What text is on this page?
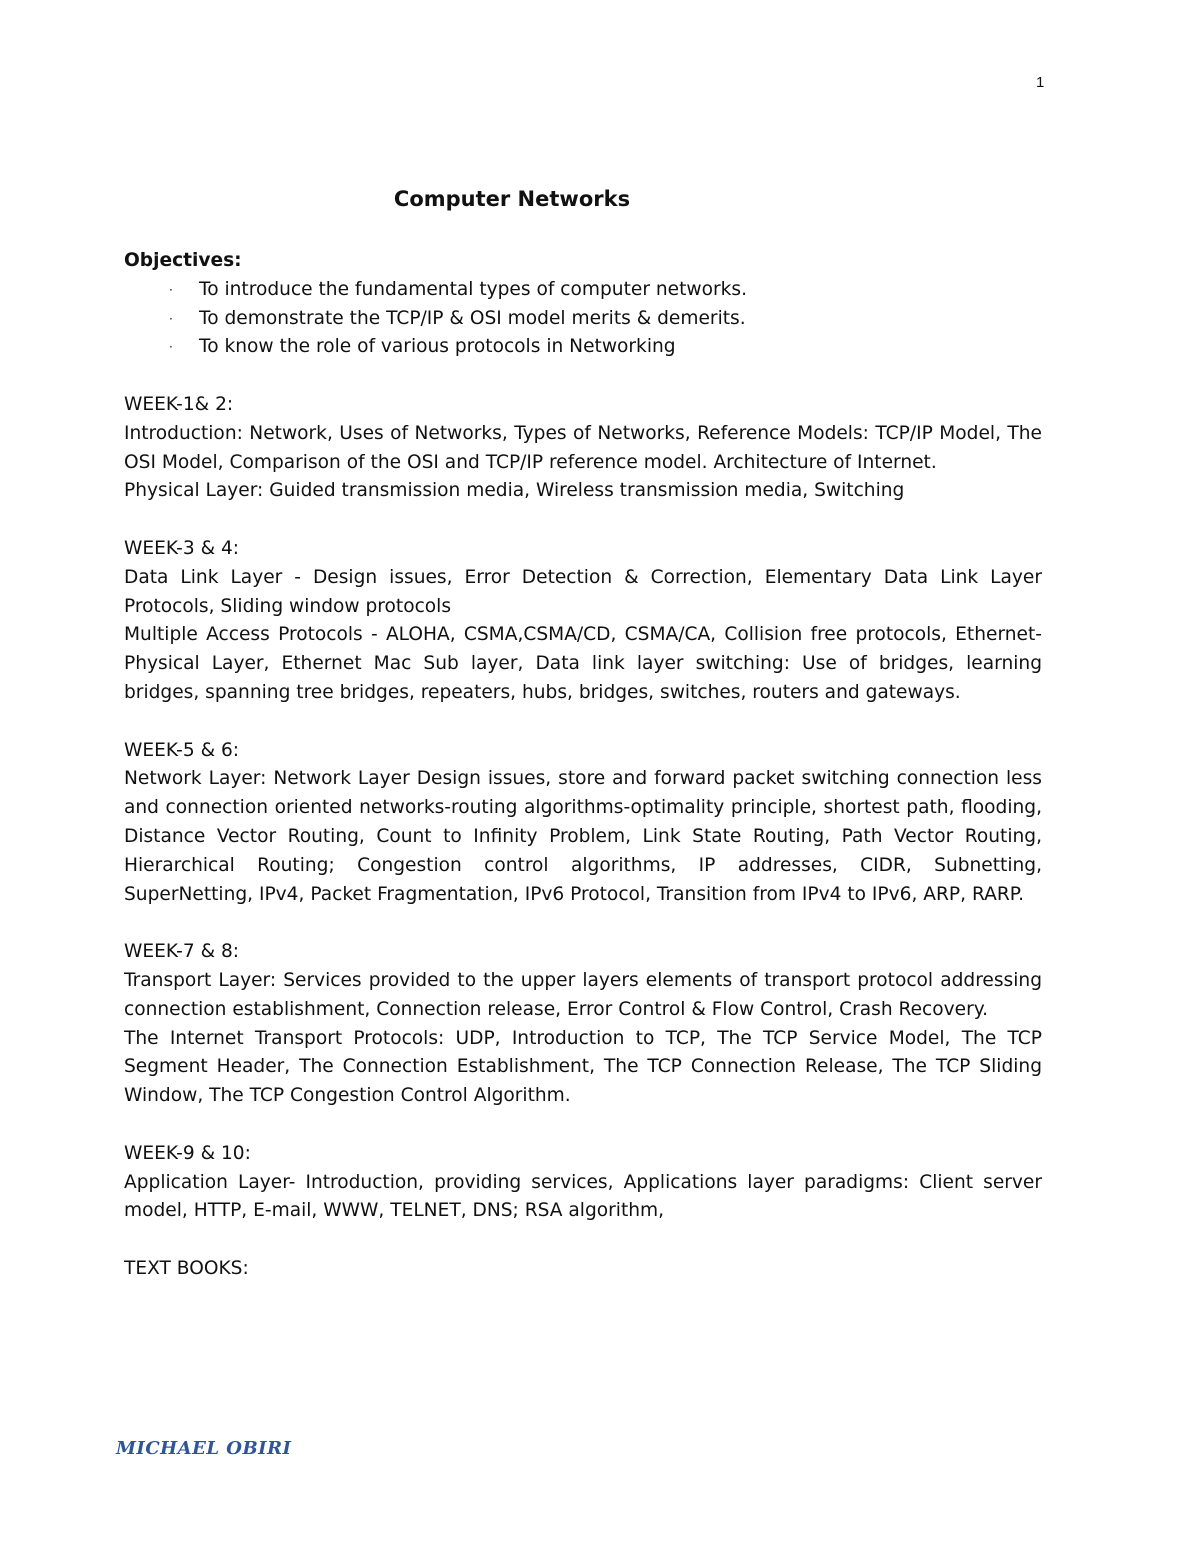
1
Computer Networks
Objectives:
· To introduce the fundamental types of computer networks.
· To demonstrate the TCP/IP & OSI model merits & demerits.
· To know the role of various protocols in Networking
WEEK-1& 2:
Introduction: Network, Uses of Networks, Types of Networks, Reference Models: TCP/IP Model, The OSI Model, Comparison of the OSI and TCP/IP reference model. Architecture of Internet.
Physical Layer: Guided transmission media, Wireless transmission media, Switching
WEEK-3 & 4:
Data Link Layer - Design issues, Error Detection & Correction, Elementary Data Link Layer Protocols, Sliding window protocols
Multiple Access Protocols - ALOHA, CSMA,CSMA/CD, CSMA/CA, Collision free protocols, Ethernet- Physical Layer, Ethernet Mac Sub layer, Data link layer switching: Use of bridges, learning bridges, spanning tree bridges, repeaters, hubs, bridges, switches, routers and gateways.
WEEK-5 & 6:
Network Layer: Network Layer Design issues, store and forward packet switching connection less and connection oriented networks-routing algorithms-optimality principle, shortest path, flooding, Distance Vector Routing, Count to Infinity Problem, Link State Routing, Path Vector Routing, Hierarchical Routing; Congestion control algorithms, IP addresses, CIDR, Subnetting, SuperNetting, IPv4, Packet Fragmentation, IPv6 Protocol, Transition from IPv4 to IPv6, ARP, RARP.
WEEK-7 & 8:
Transport Layer: Services provided to the upper layers elements of transport protocol addressing connection establishment, Connection release, Error Control & Flow Control, Crash Recovery.
The Internet Transport Protocols: UDP, Introduction to TCP, The TCP Service Model, The TCP Segment Header, The Connection Establishment, The TCP Connection Release, The TCP Sliding Window, The TCP Congestion Control Algorithm.
WEEK-9 & 10:
Application Layer- Introduction, providing services, Applications layer paradigms: Client server model, HTTP, E-mail, WWW, TELNET, DNS; RSA algorithm,
TEXT BOOKS:
MICHAEL OBIRI
